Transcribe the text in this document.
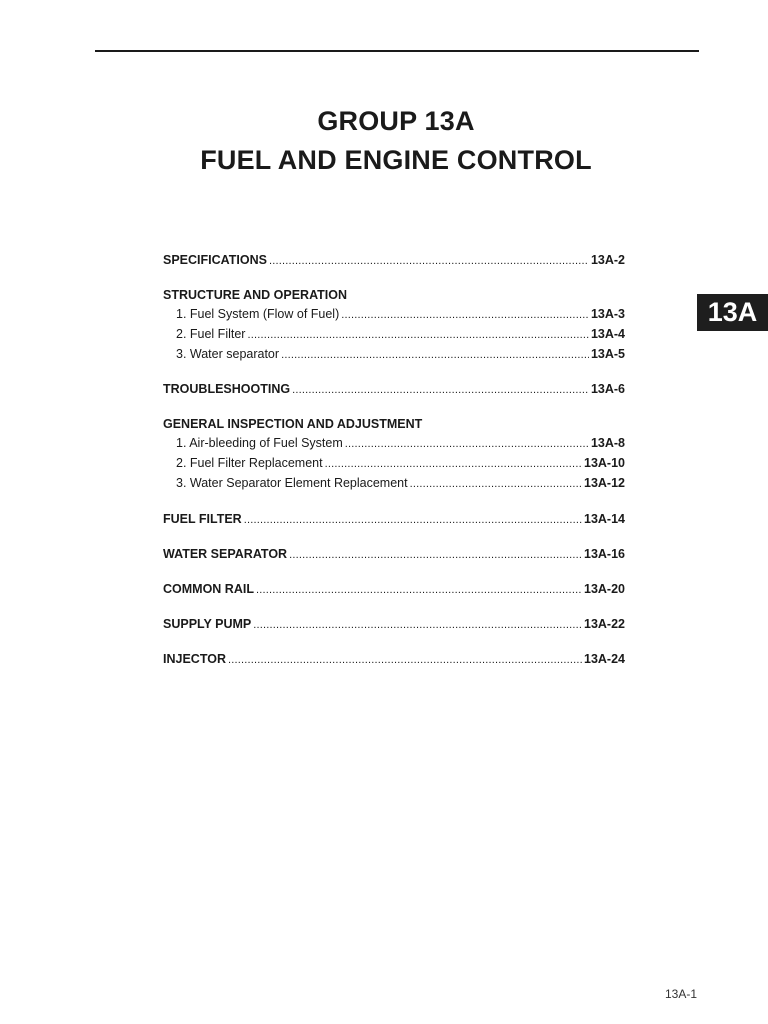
GROUP 13A
FUEL AND ENGINE CONTROL
13A
SPECIFICATIONS .....	13A-2
STRUCTURE AND OPERATION
1. Fuel System (Flow of Fuel) .....	13A-3
2. Fuel Filter .....	13A-4
3. Water separator .....	13A-5
TROUBLESHOOTING .....	13A-6
GENERAL INSPECTION AND ADJUSTMENT
1. Air-bleeding of Fuel System .....	13A-8
2. Fuel Filter Replacement .....	13A-10
3. Water Separator Element Replacement .....	13A-12
FUEL FILTER .....	13A-14
WATER SEPARATOR .....	13A-16
COMMON RAIL .....	13A-20
SUPPLY PUMP .....	13A-22
INJECTOR .....	13A-24
13A-1
